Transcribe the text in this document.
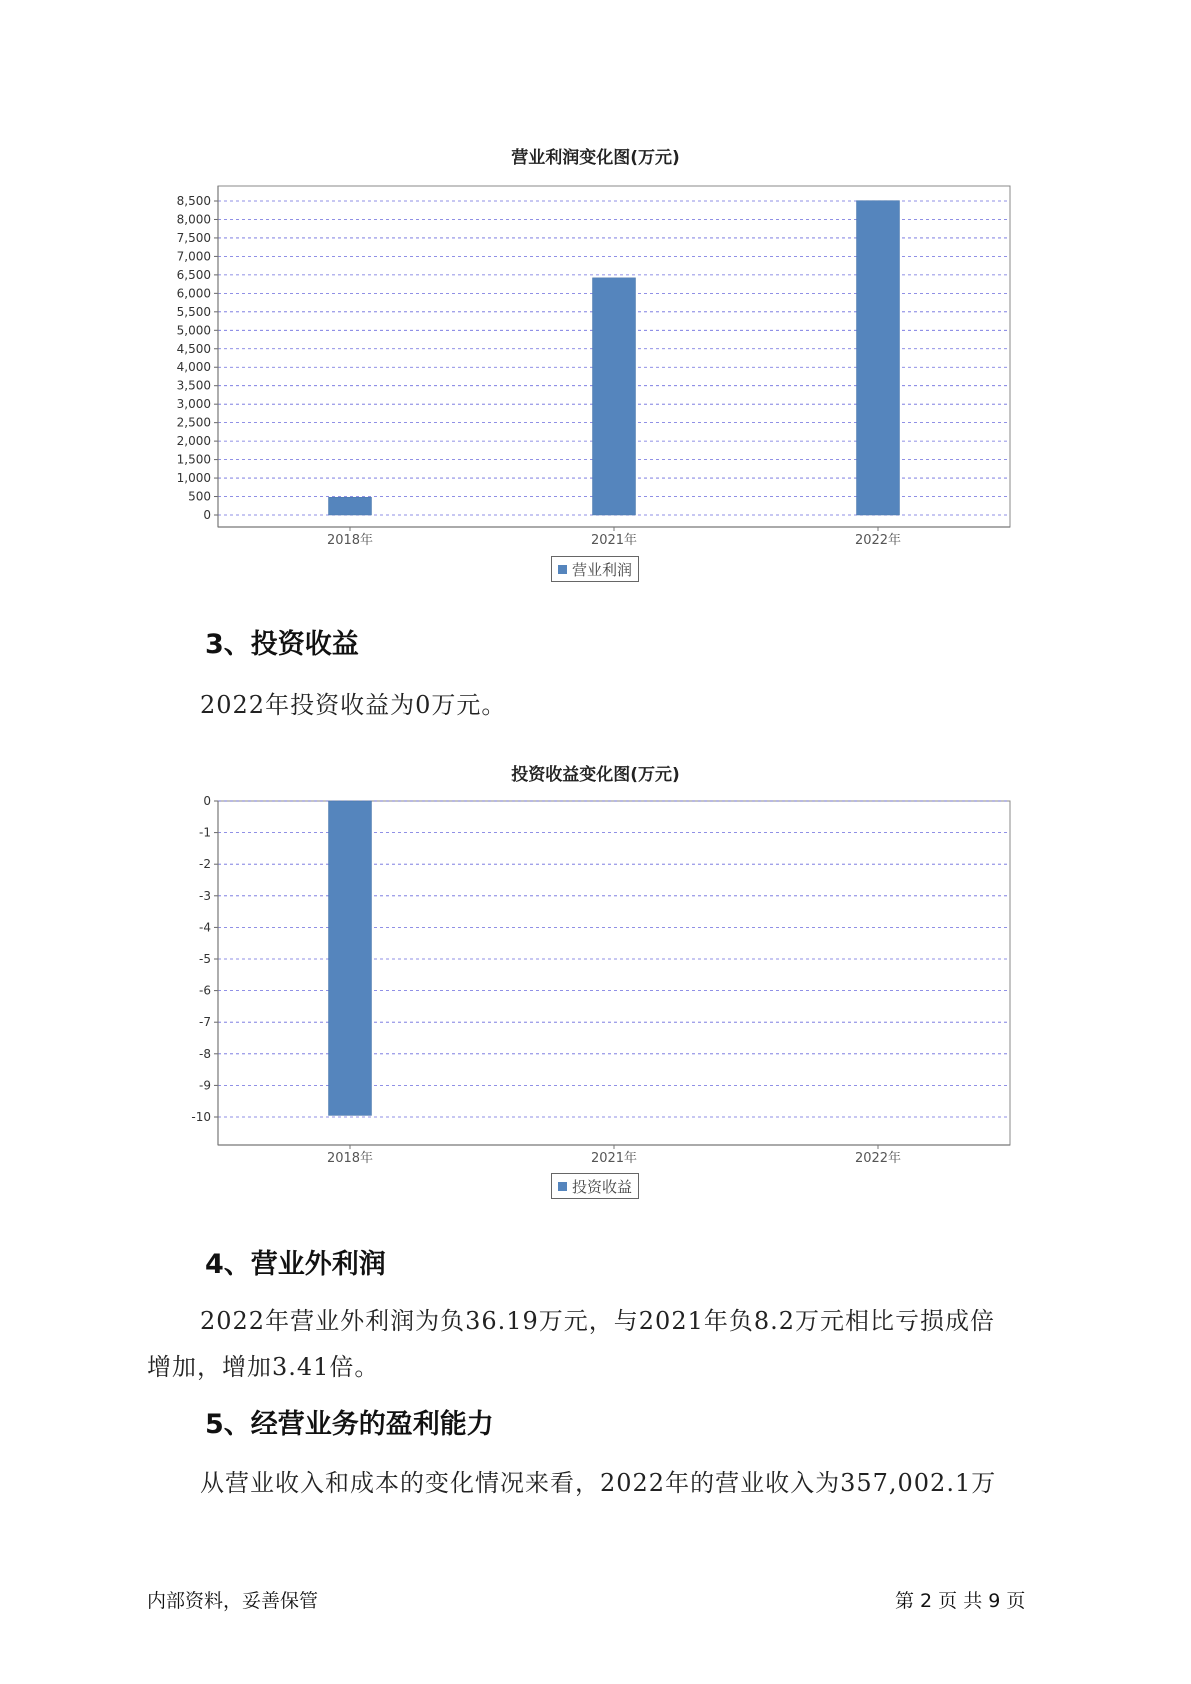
营业利润变化图(万元)
0
500
1,000
1,500
2,000
2,500
3,000
3,500
4,000
4,500
5,000
5,500
6,000
6,500
7,000
7,500
8,000
8,500
2018年	2021年	2022年
营业利润
3、投资收益
2022年投资收益为0万元。
投资收益变化图(万元)
0
-1
-2
-3
-4
-5
-6
-7
-8
-9
-10
2018年	2021年	2022年
投资收益
4、营业外利润
2022年营业外利润为负36.19万元，与2021年负8.2万元相比亏损成倍
增加，增加3.41倍。
5、经营业务的盈利能力
从营业收入和成本的变化情况来看，2022年的营业收入为357,002.1万
内部资料，妥善保管	第 2 页 共 9 页
